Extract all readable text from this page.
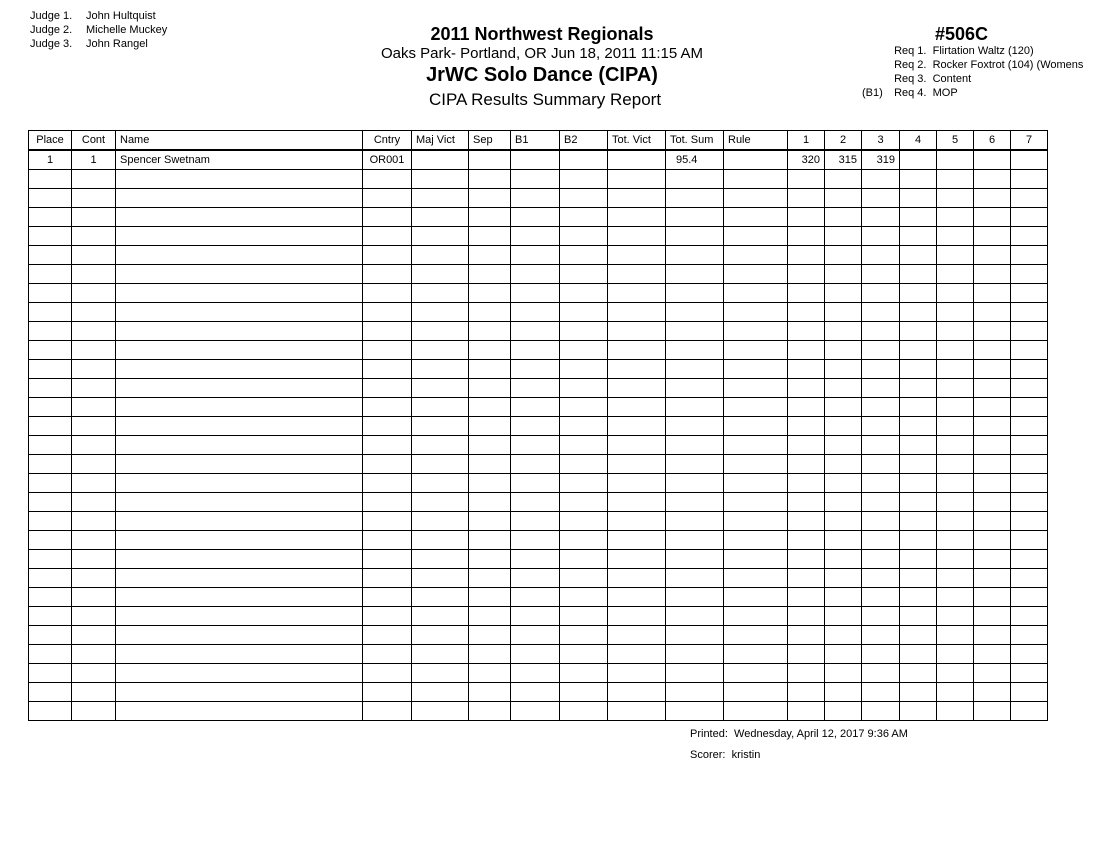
Judge 1. John Hultquist
Judge 2. Michelle Muckey
Judge 3. John Rangel	2011 Northwest Regionals
Oaks Park- Portland, OR Jun 18, 2011 11:15 AM
JrWC Solo Dance (CIPA)
CIPA Results Summary Report
#506C
Req 1. Flirtation Waltz (120)
Req 2. Rocker Foxtrot (104) (Womens
Req 3. Content
(B1) Req 4. MOP
Place	Cont	Name	Cntry	Maj Vict	Sep	B1	B2	Tot. Vict	Tot. Sum	Rule	1	2	3	4	5	6	7
1	1	Spencer Swetnam	OR001						95.4		320	315	319				

Printed: Wednesday, April 12, 2017 9:36 AM
Scorer: kristin
